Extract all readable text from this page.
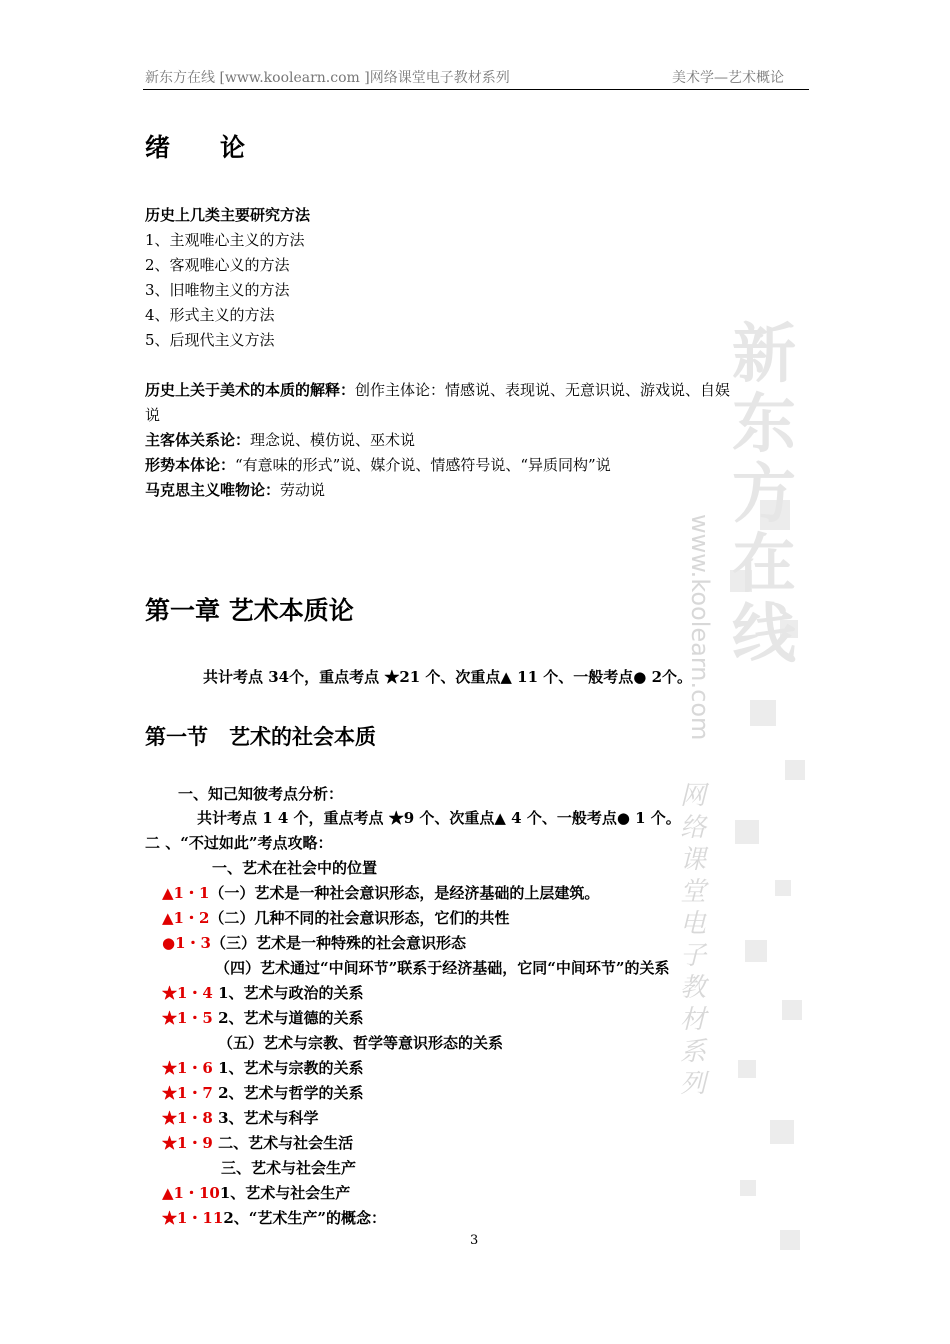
新东方在线
www.koolearn.com
网络课堂电子教材系列
新东方在线 [www.koolearn.com ]网络课堂电子教材系列	美术学—艺术概论
绪　　论
历史上几类主要研究方法
1、主观唯心主义的方法
2、客观唯心义的方法
3、旧唯物主义的方法
4、形式主义的方法
5、后现代主义方法
历史上关于美术的本质的解释：创作主体论：情感说、表现说、无意识说、游戏说、自娱
说
主客体关系论：理念说、模仿说、巫术说
形势本体论：“有意味的形式”说、媒介说、情感符号说、“异质同构”说
马克思主义唯物论：劳动说
第一章 艺术本质论
共计考点 34个，重点考点 ★21 个、次重点▲ 11 个、一般考点● 2个。
第一节　艺术的社会本质
一、知己知彼考点分析：
共计考点 1 4 个，重点考点 ★9 个、次重点▲ 4 个、一般考点● 1 个。
二 、“不过如此”考点攻略：
一、艺术在社会中的位置
▲1・1（一）艺术是一种社会意识形态，是经济基础的上层建筑。
▲1・2（二）几种不同的社会意识形态，它们的共性
●1・3（三）艺术是一种特殊的社会意识形态
（四）艺术通过“中间环节”联系于经济基础，它同“中间环节”的关系
★1・4 1、艺术与政治的关系
★1・5 2、艺术与道德的关系
（五）艺术与宗教、哲学等意识形态的关系
★1・6 1、艺术与宗教的关系
★1・7 2、艺术与哲学的关系
★1・8 3、艺术与科学
★1・9 二、艺术与社会生活
三、艺术与社会生产
▲1・101、艺术与社会生产
★1・112、“艺术生产”的概念：
3
